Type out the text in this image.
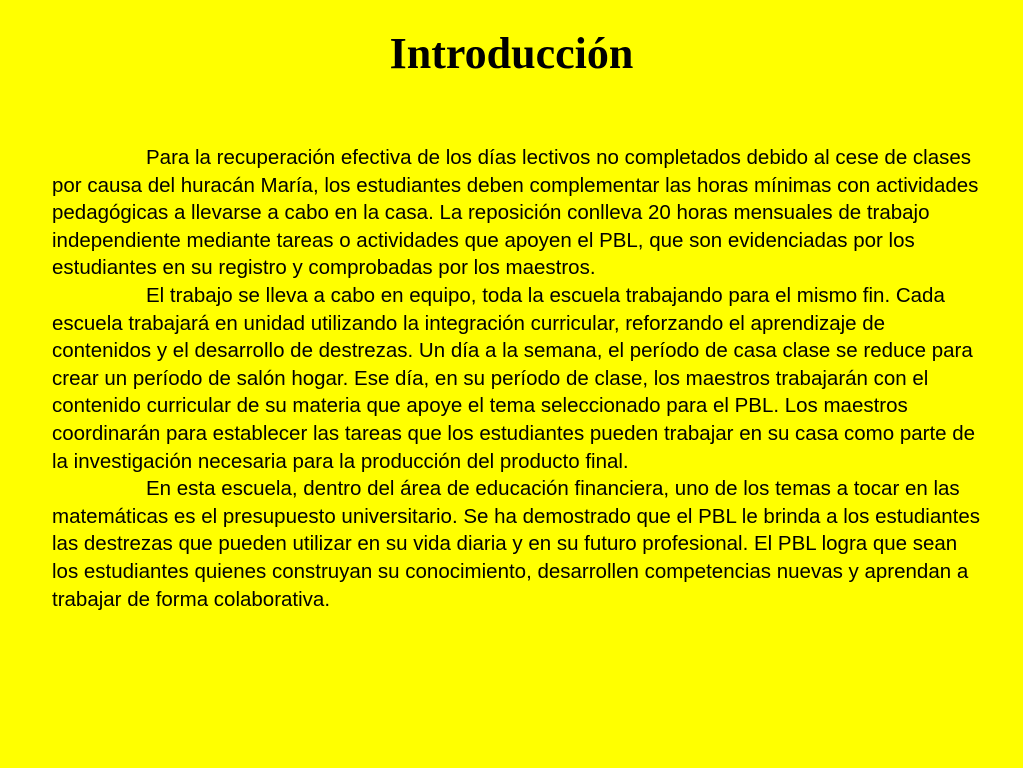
Introducción

Para la recuperación efectiva de los días lectivos no completados debido al cese de clases por causa del huracán María, los estudiantes deben complementar las horas mínimas con actividades pedagógicas a llevarse a cabo en la casa. La reposición conlleva 20 horas mensuales de trabajo independiente mediante tareas o actividades que apoyen el PBL, que son evidenciadas por los estudiantes en su registro y comprobadas por los maestros.

El trabajo se lleva a cabo en equipo, toda la escuela trabajando para el mismo fin. Cada escuela trabajará en unidad utilizando la integración curricular, reforzando el aprendizaje de contenidos y el desarrollo de destrezas. Un día a la semana, el período de casa clase se reduce para crear un período de salón hogar. Ese día, en su período de clase, los maestros trabajarán con el contenido curricular de su materia que apoye el tema seleccionado para el PBL. Los maestros coordinarán para establecer las tareas que los estudiantes pueden trabajar en su casa como parte de la investigación necesaria para la producción del producto final.

En esta escuela, dentro del área de educación financiera, uno de los temas a tocar en las matemáticas es el presupuesto universitario. Se ha demostrado que el PBL le brinda a los estudiantes las destrezas que pueden utilizar en su vida diaria y en su futuro profesional. El PBL logra que sean los estudiantes quienes construyan su conocimiento, desarrollen competencias nuevas y aprendan a trabajar de forma colaborativa.
